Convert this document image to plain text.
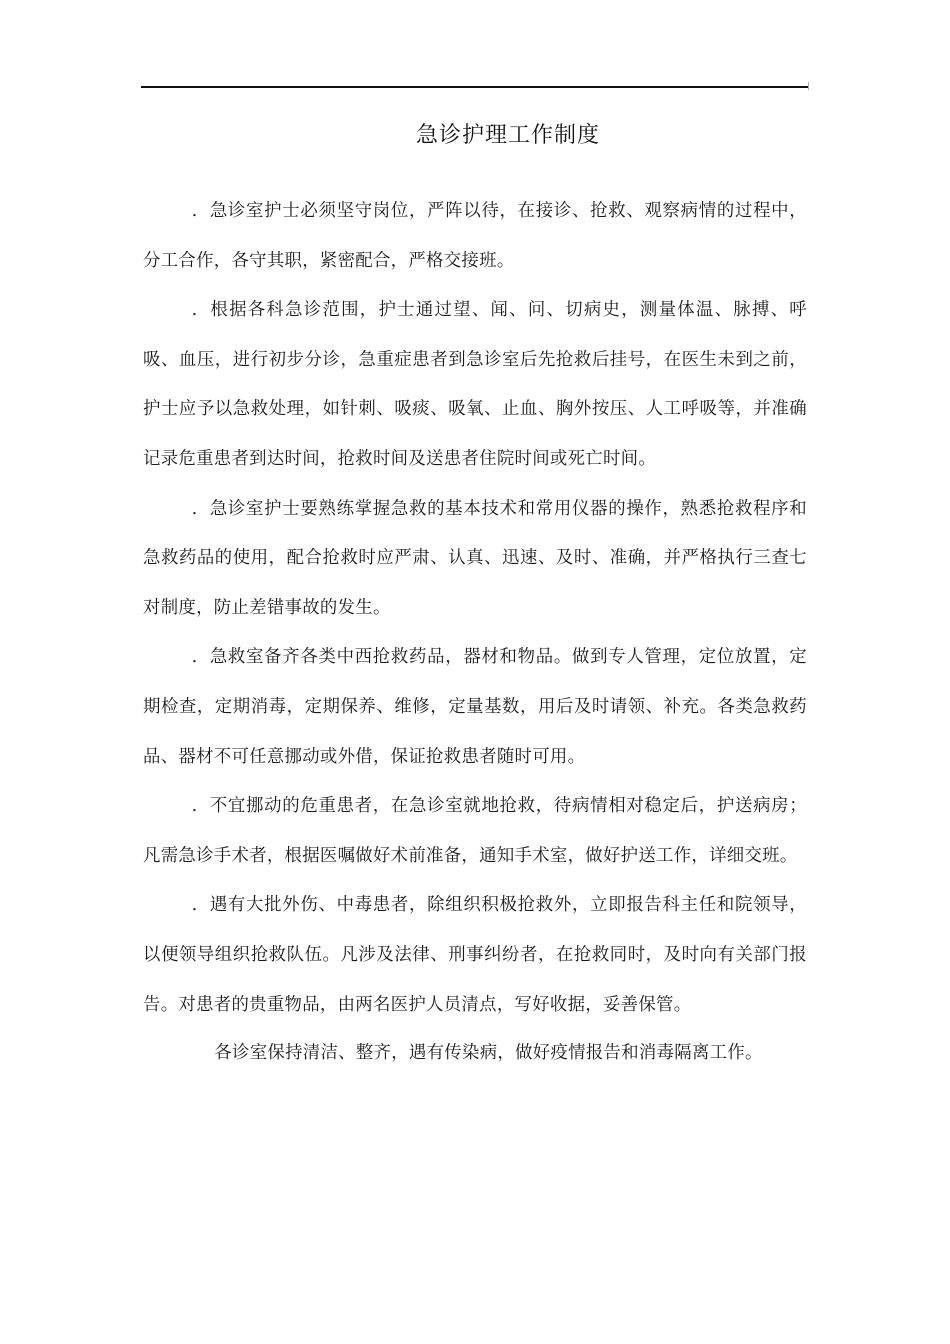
急诊护理工作制度

．急诊室护士必须坚守岗位，严阵以待，在接诊、抢救、观察病情的过程中，分工合作，各守其职，紧密配合，严格交接班。

．根据各科急诊范围，护士通过望、闻、问、切病史，测量体温、脉搏、呼吸、血压，进行初步分诊，急重症患者到急诊室后先抢救后挂号，在医生未到之前，护士应予以急救处理，如针刺、吸痰、吸氧、止血、胸外按压、人工呼吸等，并准确记录危重患者到达时间，抢救时间及送患者住院时间或死亡时间。

．急诊室护士要熟练掌握急救的基本技术和常用仪器的操作，熟悉抢救程序和急救药品的使用，配合抢救时应严肃、认真、迅速、及时、准确，并严格执行三查七对制度，防止差错事故的发生。

．急救室备齐各类中西抢救药品，器材和物品。做到专人管理，定位放置，定期检查，定期消毒，定期保养、维修，定量基数，用后及时请领、补充。各类急救药品、器材不可任意挪动或外借，保证抢救患者随时可用。

．不宜挪动的危重患者，在急诊室就地抢救，待病情相对稳定后，护送病房；凡需急诊手术者，根据医嘱做好术前准备，通知手术室，做好护送工作，详细交班。

．遇有大批外伤、中毒患者，除组织积极抢救外，立即报告科主任和院领导，以便领导组织抢救队伍。凡涉及法律、刑事纠纷者，在抢救同时，及时向有关部门报告。对患者的贵重物品，由两名医护人员清点，写好收据，妥善保管。

各诊室保持清洁、整齐，遇有传染病，做好疫情报告和消毒隔离工作。
